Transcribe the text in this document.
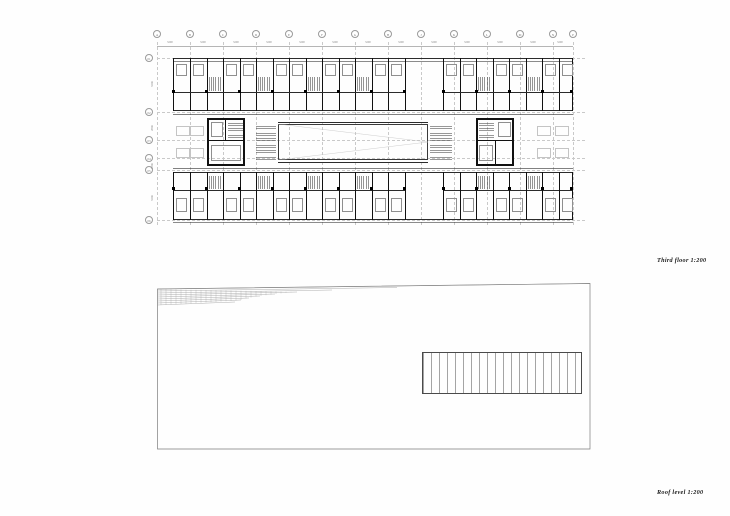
A	B	C	D	E	F	G	H	J	K	L	M	N	P
3200	3200	3200	3200	3200	3200	3200	3200	3200	3200	3200	3200	3200
01
02
03
04
05
06
5200
2800
1800
5200
Third floor 1:200
Roof level 1:200
